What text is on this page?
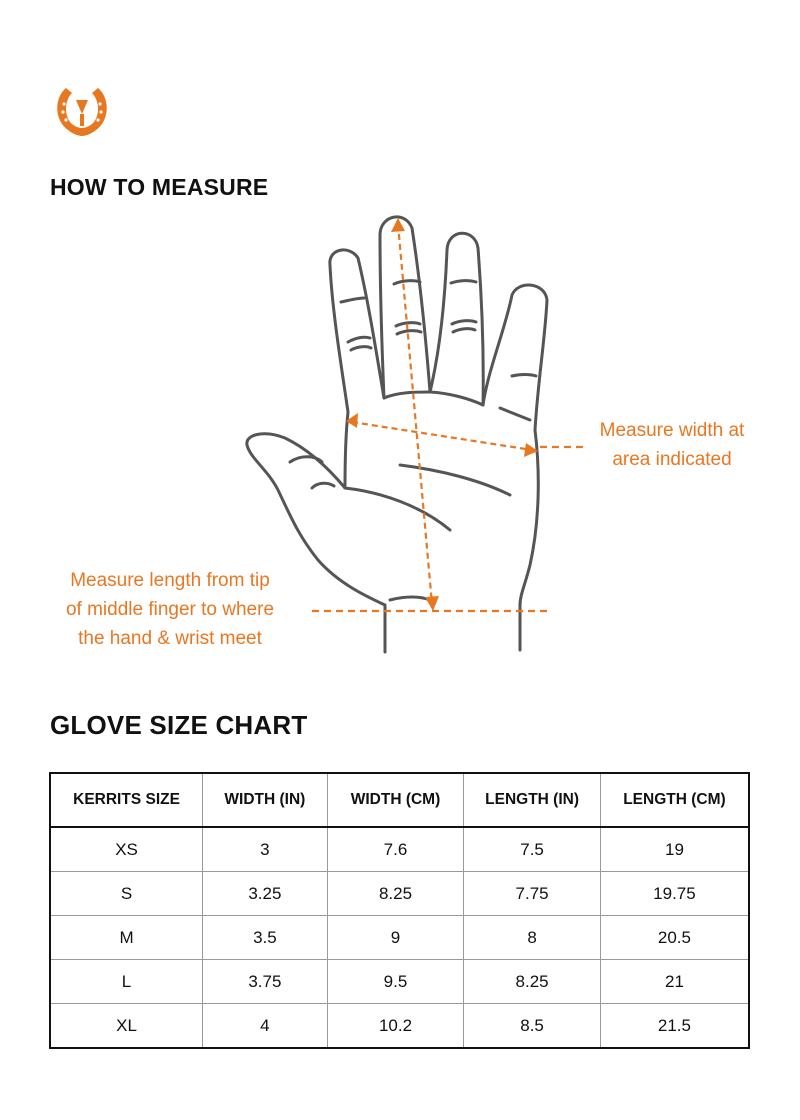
HOW TO MEASURE
Measure width at
area indicated
Measure length from tip
of middle finger to where
the hand & wrist meet
GLOVE SIZE CHART
KERRITS SIZE	WIDTH (IN)	WIDTH (CM)	LENGTH (IN)	LENGTH (CM)
XS	3	7.6	7.5	19
S	3.25	8.25	7.75	19.75
M	3.5	9	8	20.5
L	3.75	9.5	8.25	21
XL	4	10.2	8.5	21.5
